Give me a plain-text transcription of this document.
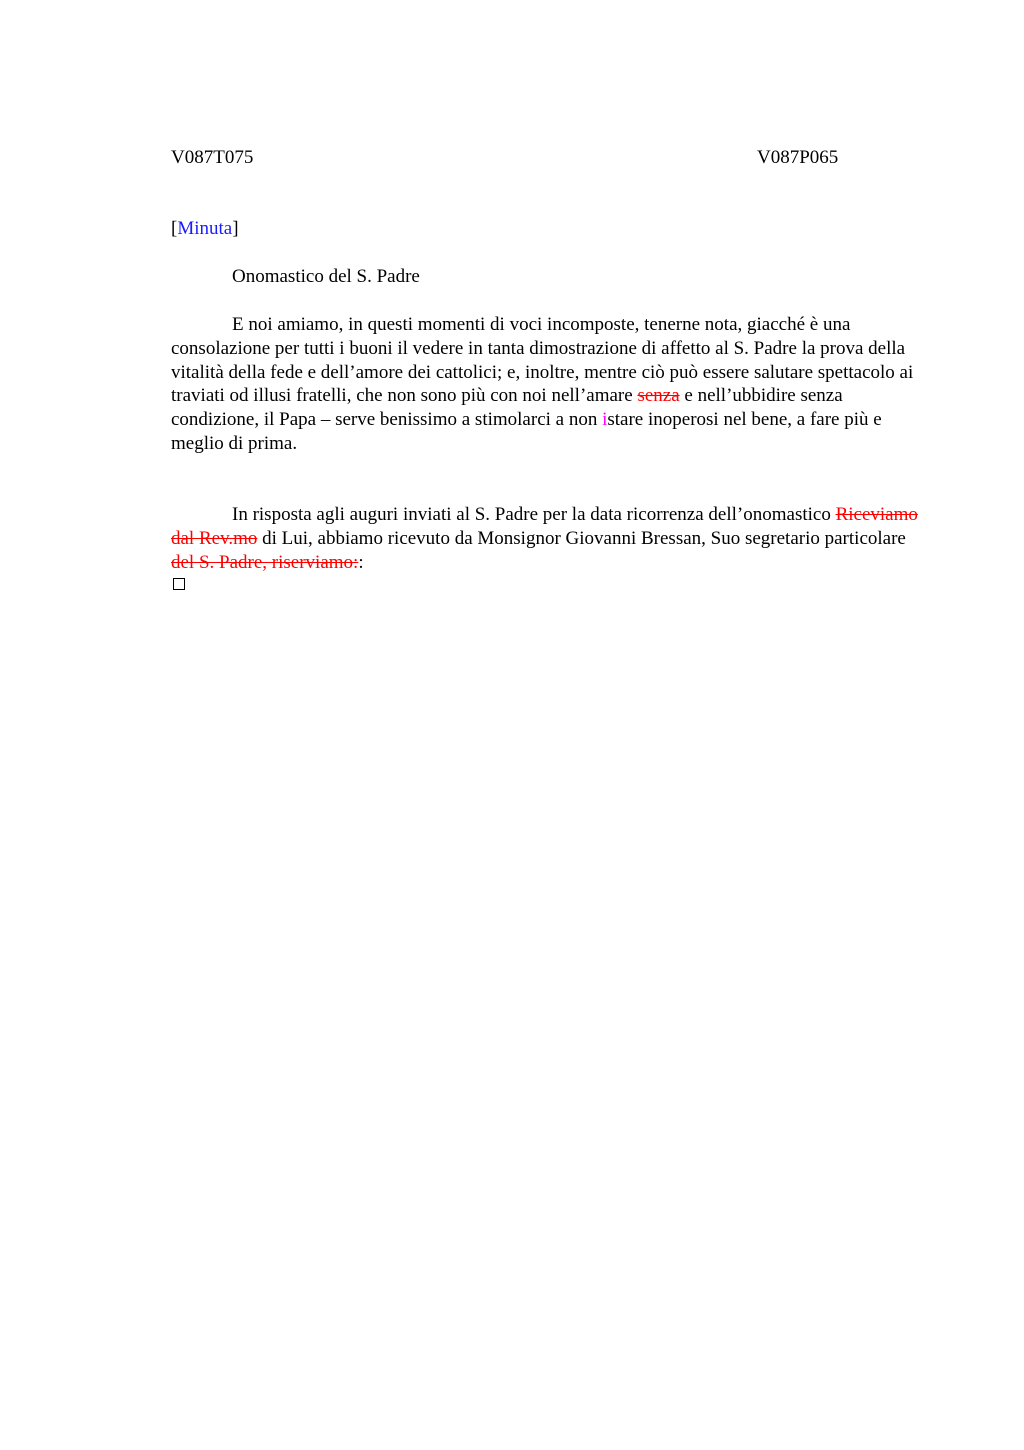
V087T075	V087P065
[Minuta]
Onomastico del S. Padre

E noi amiamo, in questi momenti di voci incomposte, tenerne nota, giacché è una consolazione per tutti i buoni il vedere in tanta dimostrazione di affetto al S. Padre la prova della vitalità della fede e dell’amore dei cattolici; e, inoltre, mentre ciò può essere salutare spettacolo ai traviati od illusi fratelli, che non sono più con noi nell’amare senza e nell’ubbidire senza condizione, il Papa – serve benissimo a stimolarci a non istare inoperosi nel bene, a fare più e meglio di prima.

In risposta agli auguri inviati al S. Padre per la data ricorrenza dell’onomastico Riceviamo dal Rev.mo di Lui, abbiamo ricevuto da Monsignor Giovanni Bressan, Suo segretario particolare del S. Padre, riserviamo::
